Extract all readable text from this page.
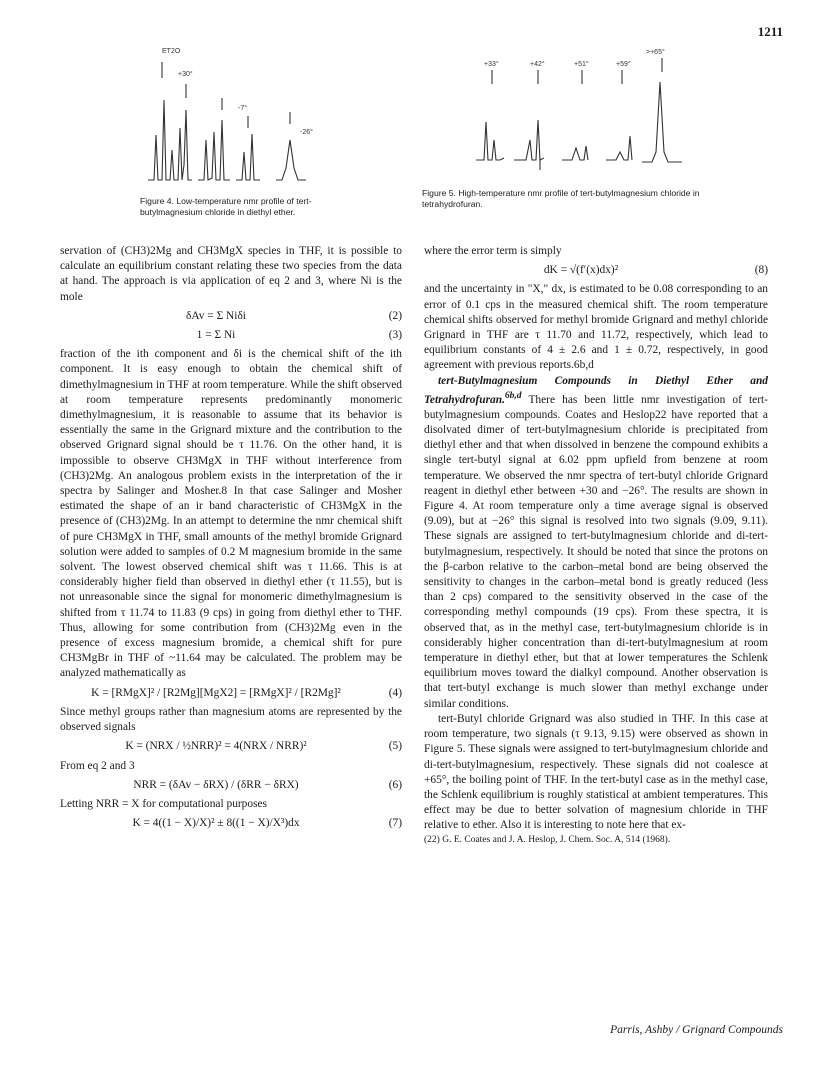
1211
ET2O
+30°
-7°
-26°
Figure 4. Low-temperature nmr profile of tert-butylmagnesium chloride in diethyl ether.
>+65°
+33°	+42°	+51°	+59°
Figure 5. High-temperature nmr profile of tert-butylmagnesium chloride in tetrahydrofuran.

servation of (CH3)2Mg and CH3MgX species in THF, it is possible to calculate an equilibrium constant relating these two species from the data at hand. The approach is via application of eq 2 and 3, where Ni is the mole

δAv = Σ Niδi	(2)
1 = Σ Ni	(3)

fraction of the ith component and δi is the chemical shift of the ith component. It is easy enough to obtain the chemical shift of dimethylmagnesium in THF at room temperature. While the shift observed at room temperature represents predominantly monomeric dimethylmagnesium, it is reasonable to assume that its behavior is essentially the same in the Grignard mixture and the contribution to the observed Grignard signal should be τ 11.76. On the other hand, it is impossible to observe CH3MgX in THF without interference from (CH3)2Mg. An analogous problem exists in the interpretation of the ir spectra by Salinger and Mosher.8 In that case Salinger and Mosher estimated the shape of an ir band characteristic of CH3MgX in the presence of (CH3)2Mg. In an attempt to determine the nmr chemical shift of pure CH3MgX in THF, small amounts of the methyl bromide Grignard solution were added to samples of 0.2 M magnesium bromide in the same solvent. The lowest observed chemical shift was τ 11.66. This is at considerably higher field than observed in diethyl ether (τ 11.55), but is not unreasonable since the signal for monomeric dimethylmagnesium is shifted from τ 11.74 to 11.83 (9 cps) in going from diethyl ether to THF. Thus, allowing for some contribution from (CH3)2Mg even in the presence of excess magnesium bromide, a chemical shift for pure CH3MgBr in THF of ~11.64 may be calculated. The problem may be analyzed mathematically as

K = [RMgX]² / [R2Mg][MgX2] = [RMgX]² / [R2Mg]²	(4)

Since methyl groups rather than magnesium atoms are represented by the observed signals

K = (NRX / ½NRR)² = 4(NRX / NRR)²	(5)

From eq 2 and 3

NRR = (δAv − δRX) / (δRR − δRX)	(6)

Letting NRR = X for computational purposes

K = 4((1 − X)/X)² ± 8((1 − X)/X³)dx	(7)

where the error term is simply

dK = √(f′(x)dx)²	(8)

and the uncertainty in "X," dx, is estimated to be 0.08 corresponding to an error of 0.1 cps in the measured chemical shift. The room temperature chemical shifts observed for methyl bromide Grignard and methyl chloride Grignard in THF are τ 11.70 and 11.72, respectively, which lead to equilibrium constants of 4 ± 2.6 and 1 ± 0.72, respectively, in good agreement with previous reports.6b,d

tert-Butylmagnesium Compounds in Diethyl Ether and Tetrahydrofuran.$^{6b,d}$ There has been little nmr investigation of tert-butylmagnesium compounds. Coates and Heslop22 have reported that a disolvated dimer of tert-butylmagnesium chloride is precipitated from diethyl ether and that when dissolved in benzene the compound exhibits a single tert-butyl signal at 6.02 ppm upfield from benzene at room temperature. We observed the nmr spectra of tert-butyl chloride Grignard reagent in diethyl ether between +30 and −26°. The results are shown in Figure 4. At room temperature only a time average signal is observed (9.09), but at −26° this signal is resolved into two signals (9.09, 9.11). These signals are assigned to tert-butylmagnesium chloride and di-tert-butylmagnesium, respectively. It should be noted that since the protons on the β-carbon relative to the carbon–metal bond are being observed the sensitivity to changes in the carbon–metal bond is greatly reduced (less than 2 cps) compared to the sensitivity observed in the case of the corresponding methyl compounds (19 cps). From these spectra, it is observed that, as in the methyl case, tert-butylmagnesium chloride is in considerably higher concentration than di-tert-butylmagnesium at room temperature in diethyl ether, but that at lower temperatures the Schlenk equilibrium moves toward the dialkyl compound. Another observation is that tert-butyl exchange is much slower than methyl exchange under similar conditions.

tert-Butyl chloride Grignard was also studied in THF. In this case at room temperature, two signals (τ 9.13, 9.15) were observed as shown in Figure 5. These signals were assigned to tert-butylmagnesium chloride and di-tert-butylmagnesium, respectively. These signals did not coalesce at +65°, the boiling point of THF. In the tert-butyl case as in the methyl case, the Schlenk equilibrium is roughly statistical at ambient temperatures. This effect may be due to better solvation of magnesium chloride in THF relative to ether. Also it is interesting to note here that ex-

(22) G. E. Coates and J. A. Heslop, J. Chem. Soc. A, 514 (1968).

Parris, Ashby / Grignard Compounds
